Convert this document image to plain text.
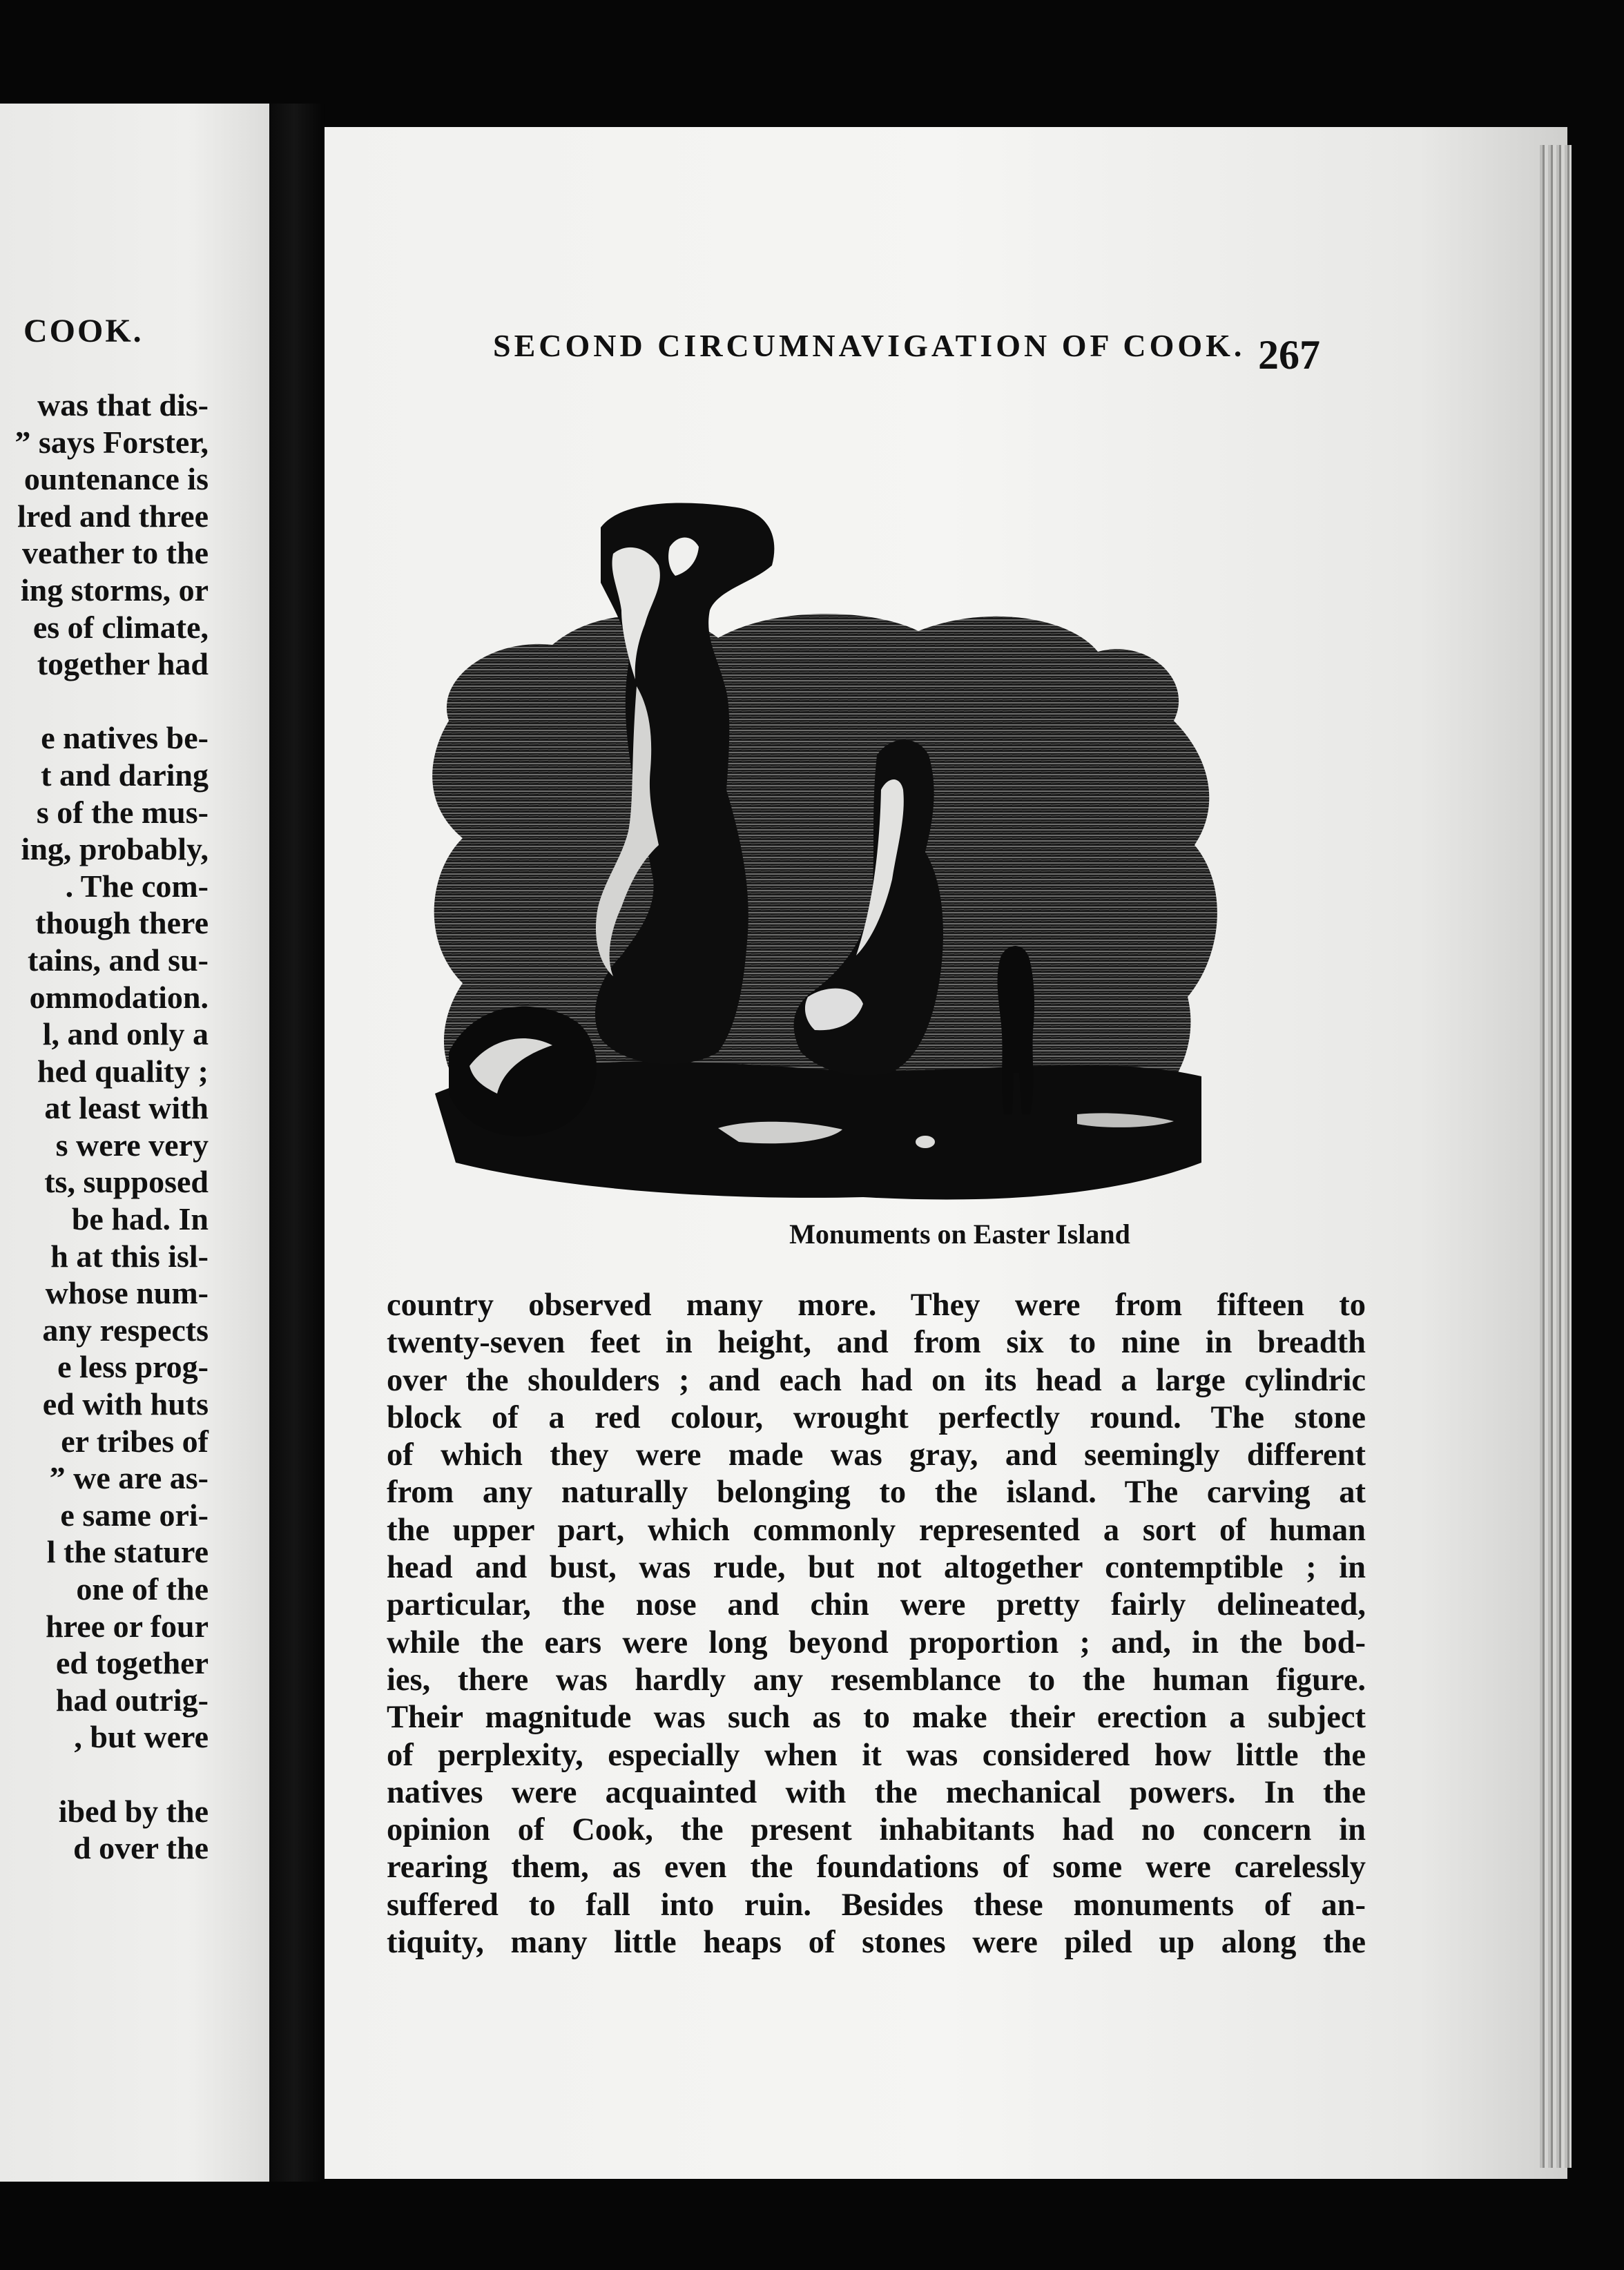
COOK.
was that dis-
” says Forster,
ountenance is
lred and three
veather to the
ing storms, or
es of climate,
together had
e natives be-
t and daring
s of the mus-
ing, probably,
. The com-
though there
tains, and su-
ommodation.
l, and only a
hed quality ;
at least with
s were very
ts, supposed
be had. In
h at this isl-
whose num-
any respects
e less prog-
ed with huts
er tribes of
” we are as-
e same ori-
l the stature
one of the
hree or four
ed together
had outrig-
, but were
ibed by the
d over the
SECOND CIRCUMNAVIGATION OF COOK. 267
Monuments on Easter Island
country observed many more. They were from fifteen to
twenty-seven feet in height, and from six to nine in breadth
over the shoulders ; and each had on its head a large cylindric
block of a red colour, wrought perfectly round. The stone
of which they were made was gray, and seemingly different
from any naturally belonging to the island. The carving at
the upper part, which commonly represented a sort of human
head and bust, was rude, but not altogether contemptible ; in
particular, the nose and chin were pretty fairly delineated,
while the ears were long beyond proportion ; and, in the bod-
ies, there was hardly any resemblance to the human figure.
Their magnitude was such as to make their erection a subject
of perplexity, especially when it was considered how little the
natives were acquainted with the mechanical powers. In the
opinion of Cook, the present inhabitants had no concern in
rearing them, as even the foundations of some were carelessly
suffered to fall into ruin. Besides these monuments of an-
tiquity, many little heaps of stones were piled up along the
